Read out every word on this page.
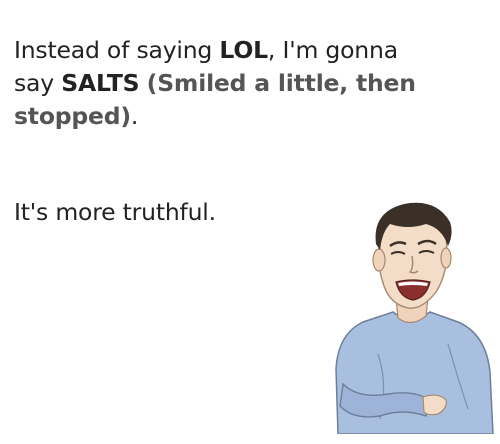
Instead of saying LOL, I'm gonna
say SALTS (Smiled a little, then
stopped).
It's more truthful.
